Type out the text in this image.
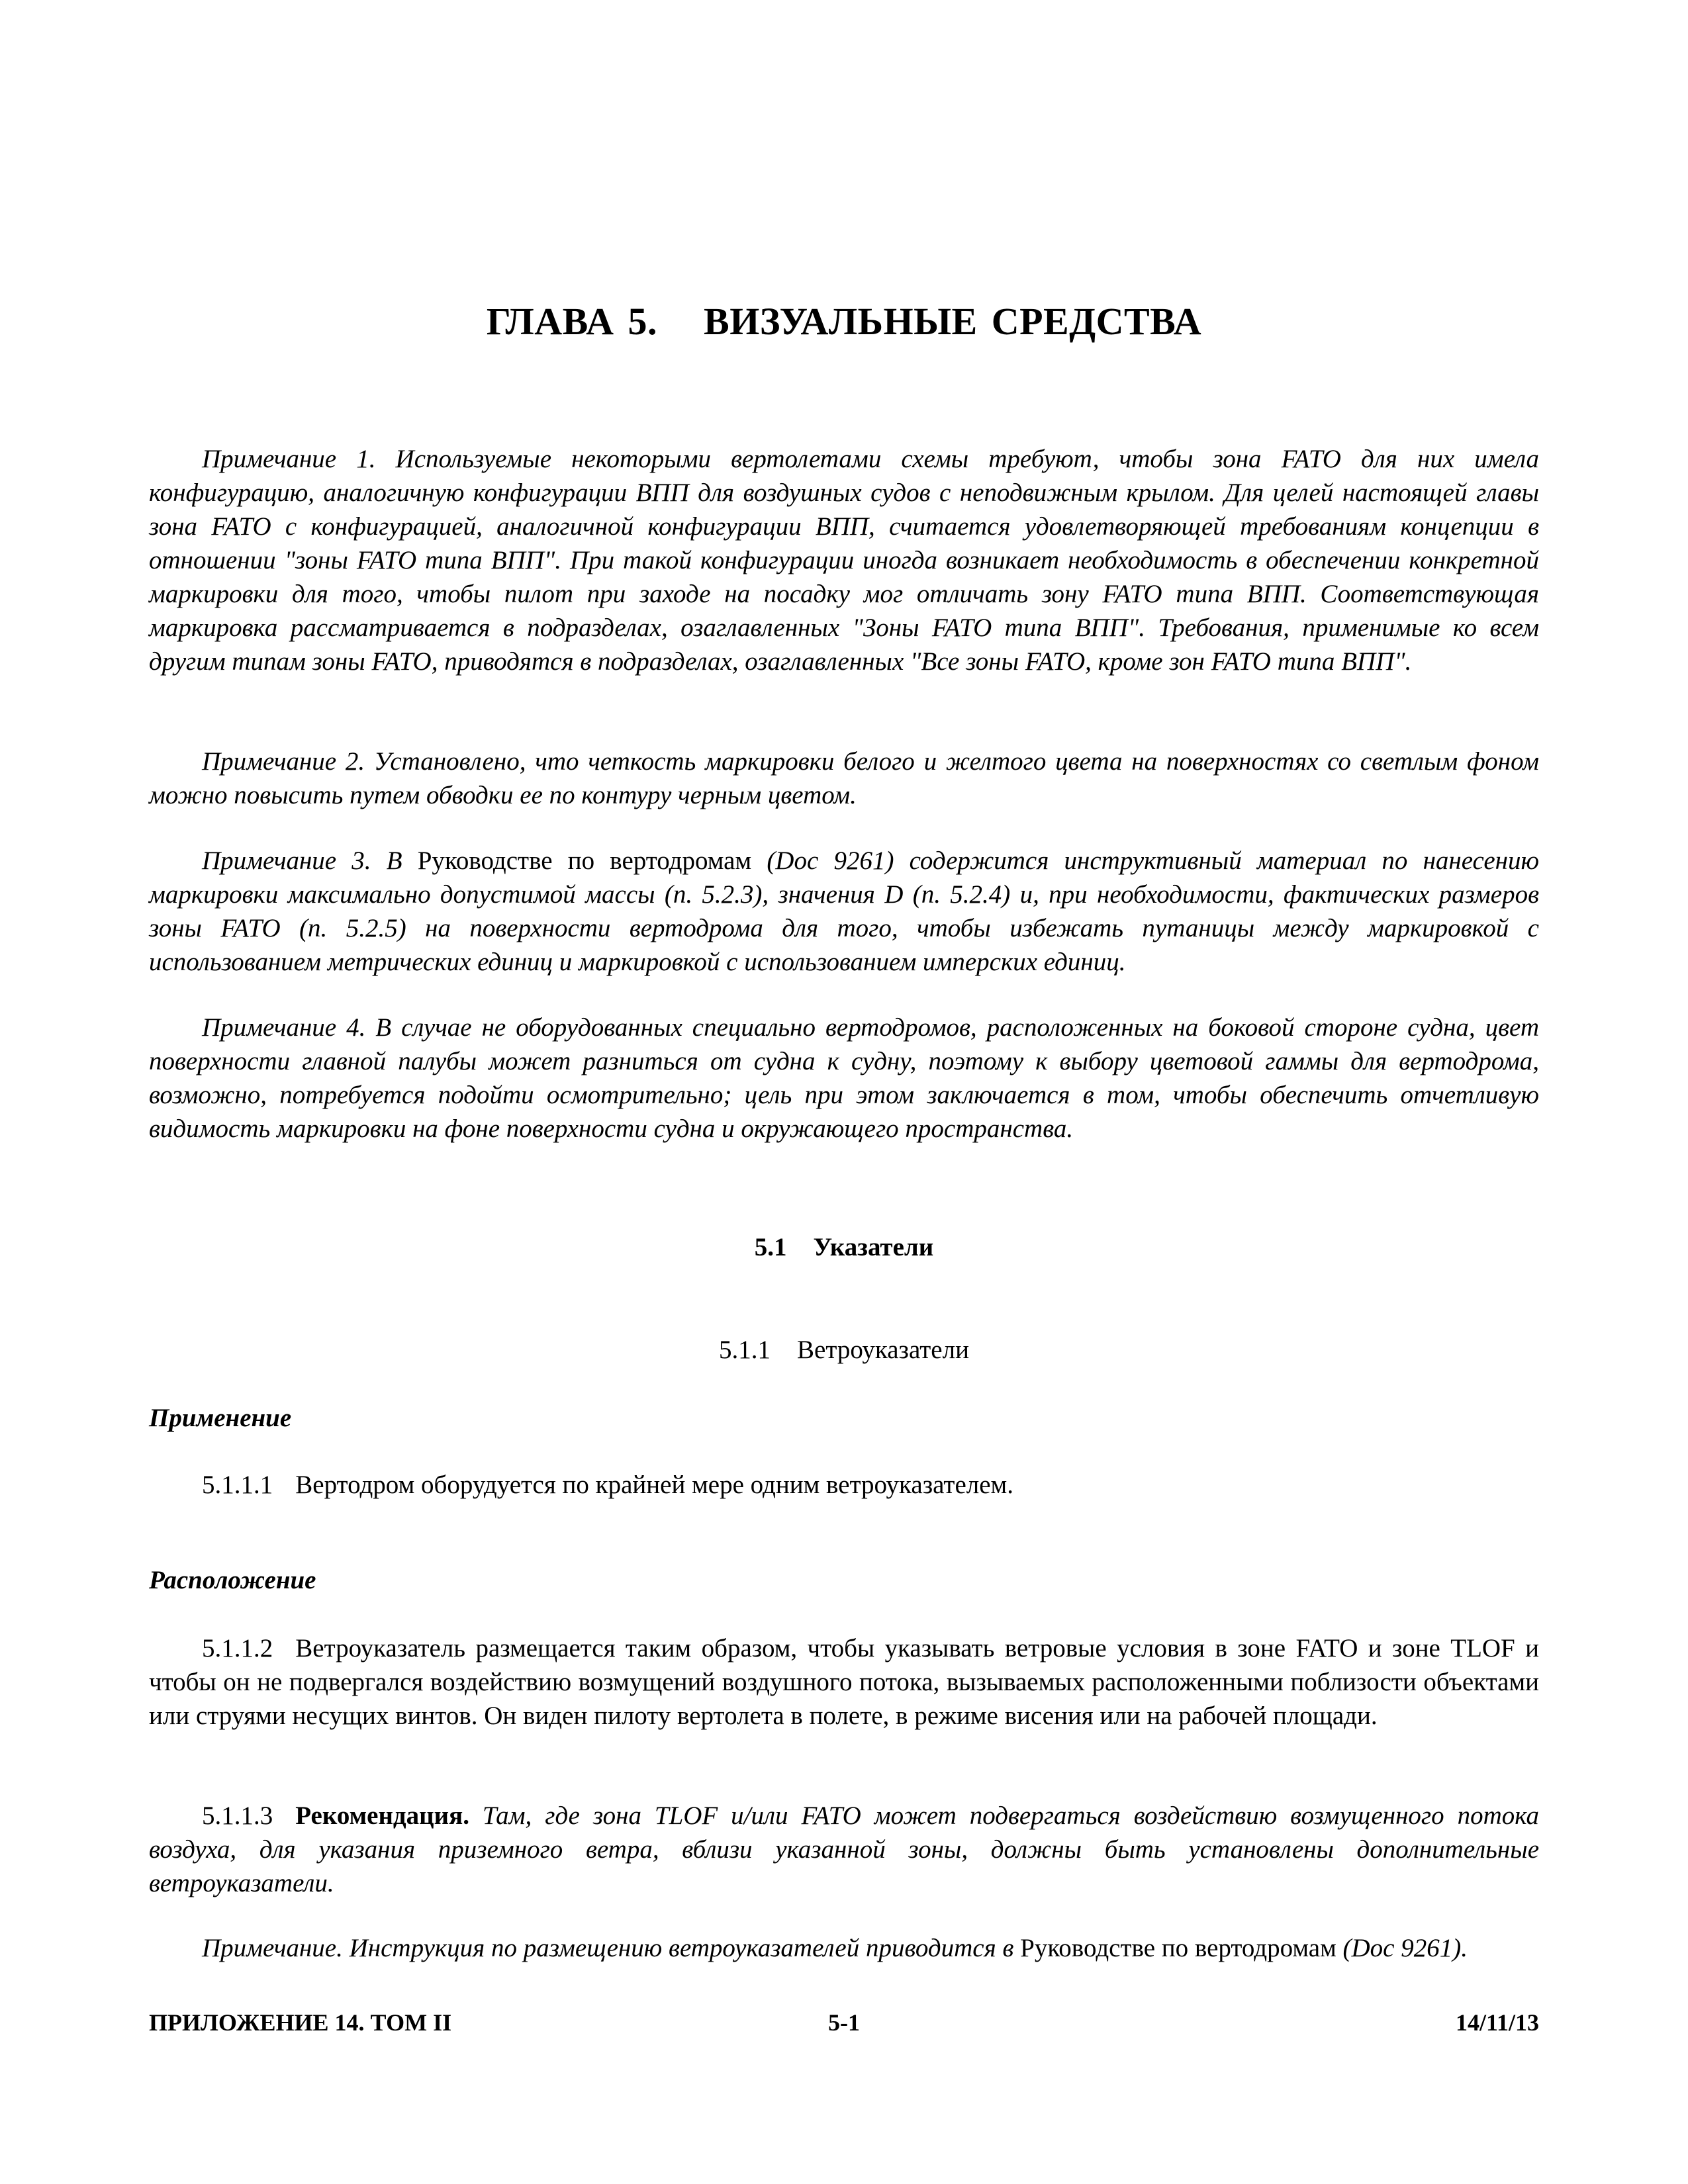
ГЛАВА 5. ВИЗУАЛЬНЫЕ СРЕДСТВА
Примечание 1. Используемые некоторыми вертолетами схемы требуют, чтобы зона FATO для них имела конфигурацию, аналогичную конфигурации ВПП для воздушных судов с неподвижным крылом. Для целей настоящей главы зона FATO с конфигурацией, аналогичной конфигурации ВПП, считается удовлетворяющей требованиям концепции в отношении "зоны FATO типа ВПП". При такой конфигурации иногда возникает необходимость в обеспечении конкретной маркировки для того, чтобы пилот при заходе на посадку мог отличать зону FATO типа ВПП. Соответствующая маркировка рассматривается в подразделах, озаглавленных "Зоны FATO типа ВПП". Требования, применимые ко всем другим типам зоны FATO, приводятся в подразделах, озаглавленных "Все зоны FATO, кроме зон FATO типа ВПП".
Примечание 2. Установлено, что четкость маркировки белого и желтого цвета на поверхностях со светлым фоном можно повысить путем обводки ее по контуру черным цветом.
Примечание 3. В Руководстве по вертодромам (Doc 9261) содержится инструктивный материал по нанесению маркировки максимально допустимой массы (п. 5.2.3), значения D (п. 5.2.4) и, при необходимости, фактических размеров зоны FATO (п. 5.2.5) на поверхности вертодрома для того, чтобы избежать путаницы между маркировкой с использованием метрических единиц и маркировкой с использованием имперских единиц.
Примечание 4. В случае не оборудованных специально вертодромов, расположенных на боковой стороне судна, цвет поверхности главной палубы может разниться от судна к судну, поэтому к выбору цветовой гаммы для вертодрома, возможно, потребуется подойти осмотрительно; цель при этом заключается в том, чтобы обеспечить отчетливую видимость маркировки на фоне поверхности судна и окружающего пространства.
5.1 Указатели
5.1.1 Ветроуказатели
Применение
5.1.1.1 Вертодром оборудуется по крайней мере одним ветроуказателем.
Расположение
5.1.1.2 Ветроуказатель размещается таким образом, чтобы указывать ветровые условия в зоне FATO и зоне TLOF и чтобы он не подвергался воздействию возмущений воздушного потока, вызываемых расположенными поблизости объектами или струями несущих винтов. Он виден пилоту вертолета в полете, в режиме висения или на рабочей площади.
5.1.1.3 Рекомендация. Там, где зона TLOF и/или FATO может подвергаться воздействию возмущенного потока воздуха, для указания приземного ветра, вблизи указанной зоны, должны быть установлены дополнительные ветроуказатели.
Примечание. Инструкция по размещению ветроуказателей приводится в Руководстве по вертодромам (Doc 9261).
ПРИЛОЖЕНИЕ 14. ТОМ II	5-1	14/11/13
